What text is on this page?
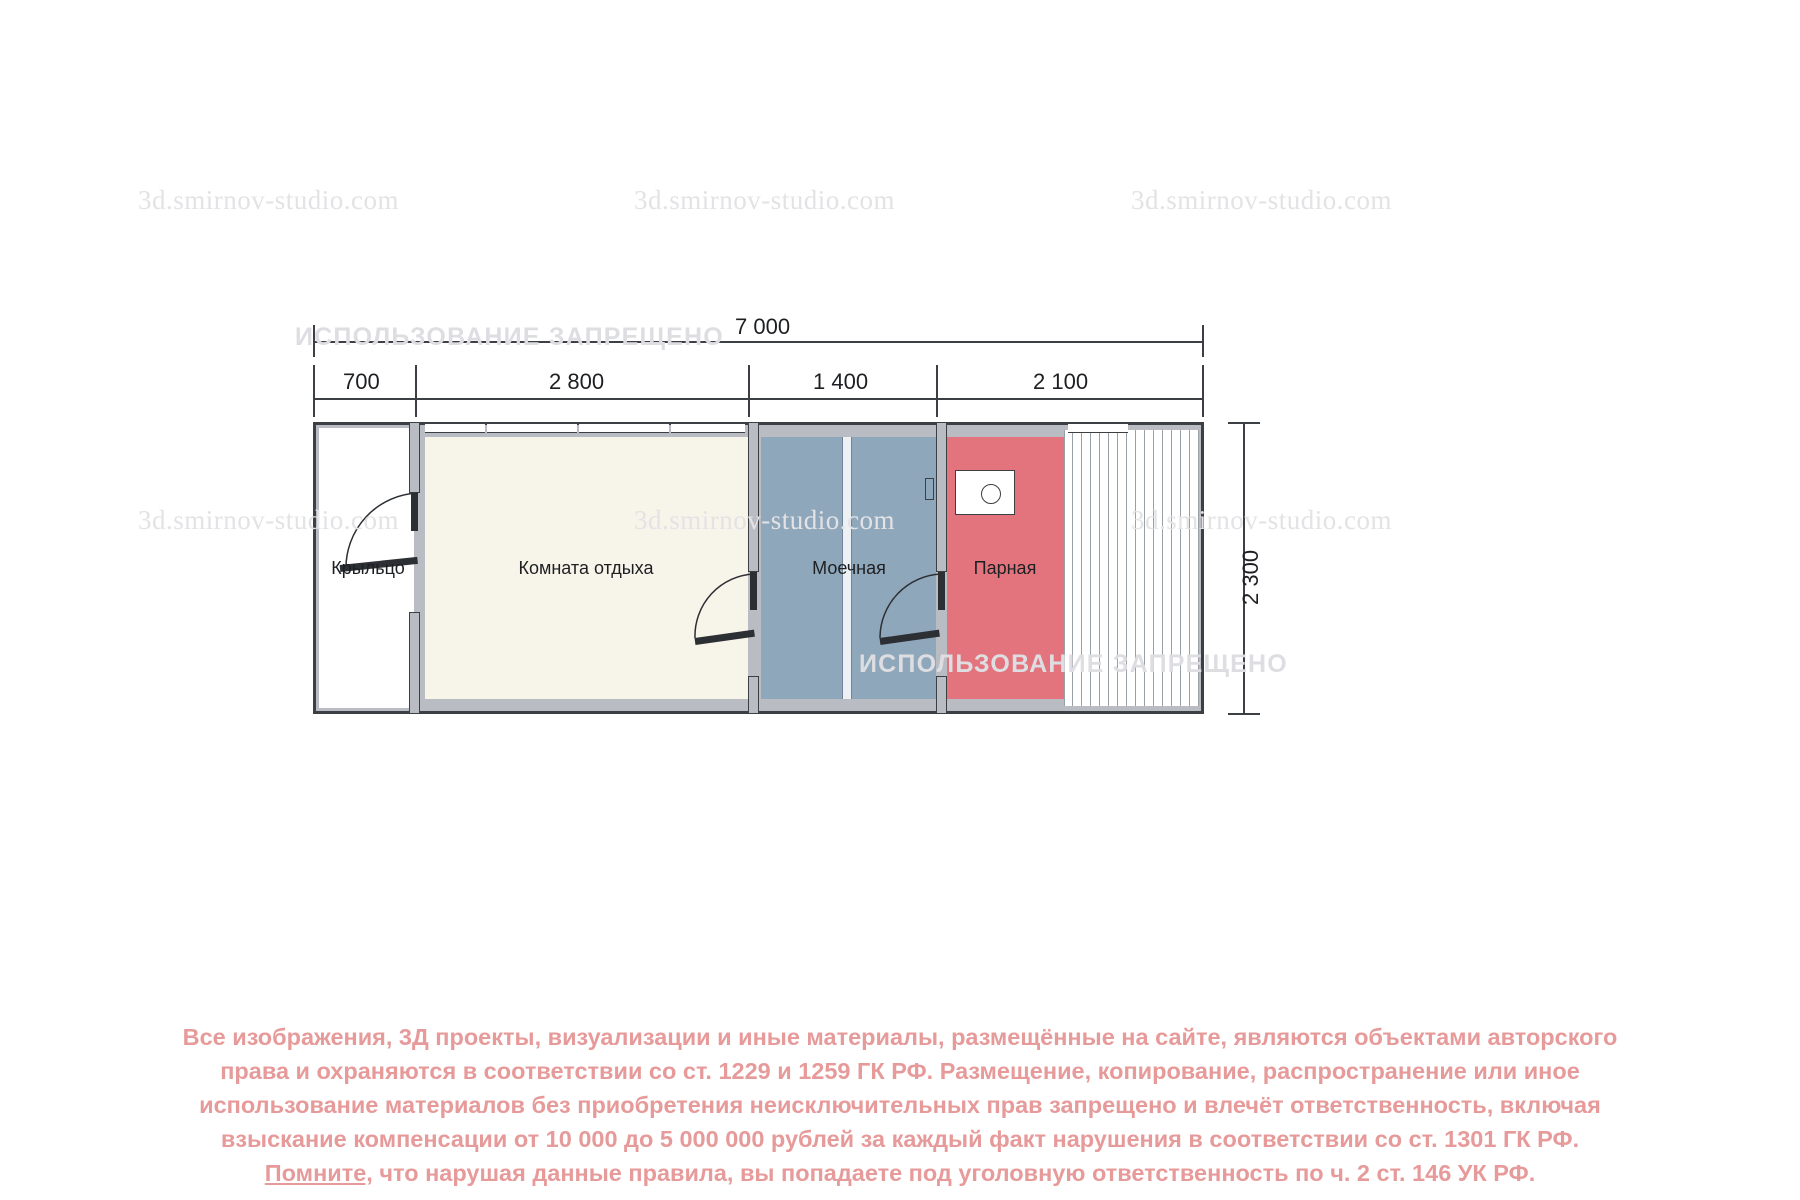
3d.smirnov-studio.com	3d.smirnov-studio.com	3d.smirnov-studio.com
7 000
700	2 800	1 400	2 100
2 300
Крыльцо	Комната отдыха	Моечная	Парная
3d.smirnov-studio.com	3d.smirnov-studio.com	3d.smirnov-studio.com
ИСПОЛЬЗОВАНИЕ ЗАПРЕЩЕНО
ИСПОЛЬЗОВАНИЕ ЗАПРЕЩЕНО
Все изображения, 3Д проекты, визуализации и иные материалы, размещённые на сайте, являются объектами авторского
права и охраняются в соответствии со ст. 1229 и 1259 ГК РФ. Размещение, копирование, распространение или иное
использование материалов без приобретения неисключительных прав запрещено и влечёт ответственность, включая
взыскание компенсации от 10 000 до 5 000 000 рублей за каждый факт нарушения в соответствии со ст. 1301 ГК РФ.
Помните, что нарушая данные правила, вы попадаете под уголовную ответственность по ч. 2 ст. 146 УК РФ.
